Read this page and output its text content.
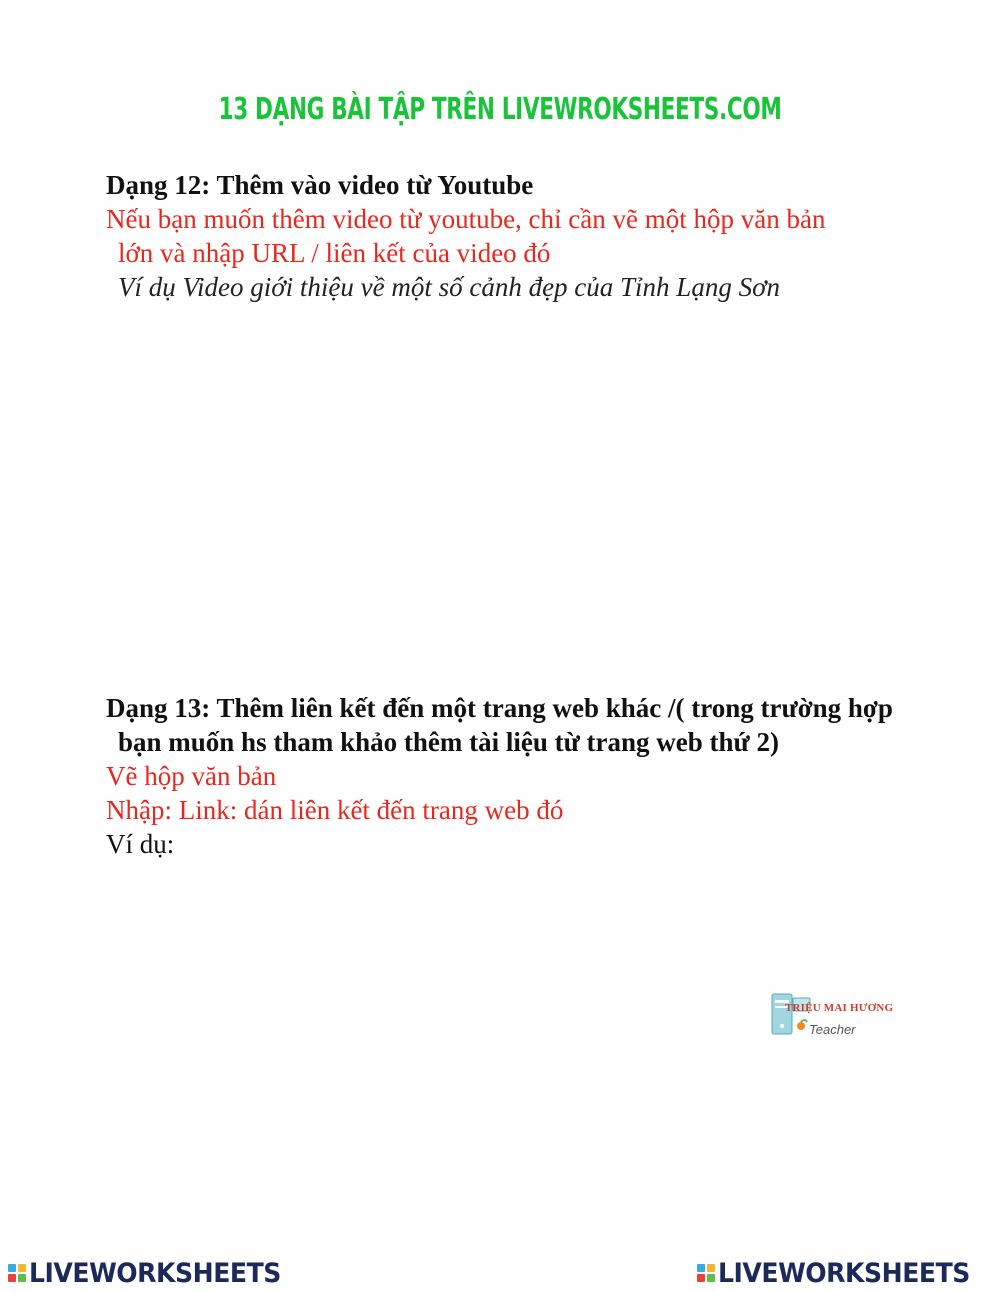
13 DẠNG BÀI TẬP TRÊN LIVEWROKSHEETS.COM
Dạng 12: Thêm vào video từ Youtube
Nếu bạn muốn thêm video từ youtube, chỉ cần vẽ một hộp văn bản
lớn và nhập URL / liên kết của video đó
Ví dụ Video giới thiệu về một số cảnh đẹp của Tỉnh Lạng Sơn
Dạng 13: Thêm liên kết đến một trang web khác /( trong trường hợp
bạn muốn hs tham khảo thêm tài liệu từ trang web thứ 2)
Vẽ hộp văn bản
Nhập: Link: dán liên kết đến trang web đó
Ví dụ:
TRIỆU MAI HƯƠNG
Teacher
LIVEWORKSHEETS	LIVEWORKSHEETS
